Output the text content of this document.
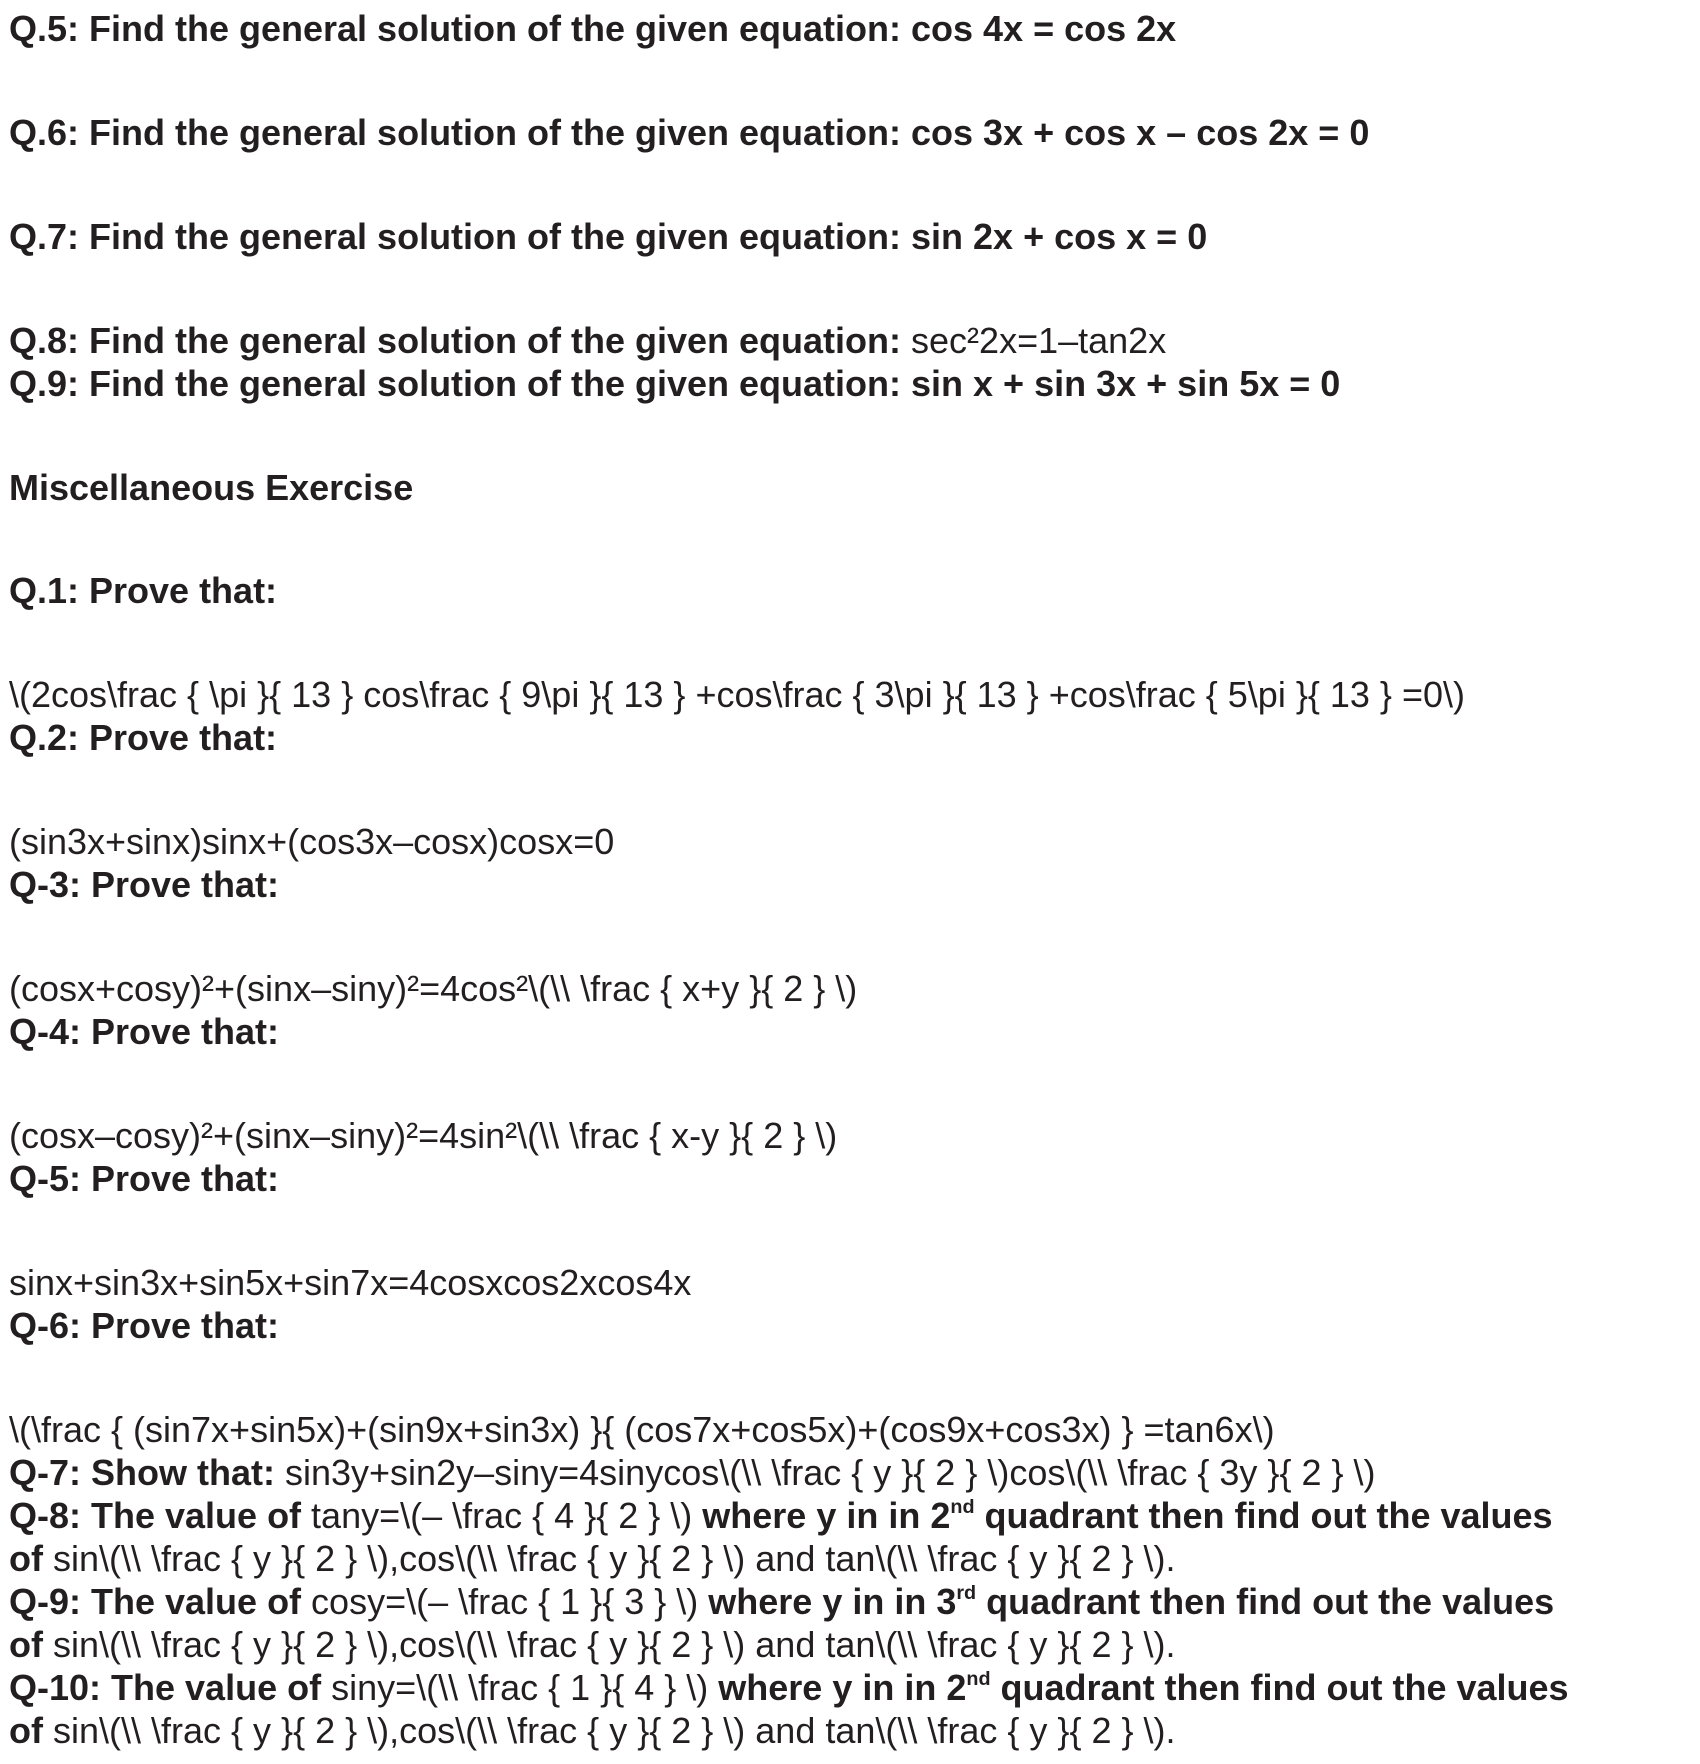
Q.5: Find the general solution of the given equation: cos 4x = cos 2x
Q.6: Find the general solution of the given equation: cos 3x + cos x – cos 2x = 0
Q.7: Find the general solution of the given equation: sin 2x + cos x = 0
Q.8: Find the general solution of the given equation: sec²2x=1–tan2x
Q.9: Find the general solution of the given equation: sin x + sin 3x + sin 5x = 0
Miscellaneous Exercise
Q.1: Prove that:
\(2cos\frac { \pi }{ 13 } cos\frac { 9\pi }{ 13 } +cos\frac { 3\pi }{ 13 } +cos\frac { 5\pi }{ 13 } =0\)
Q.2: Prove that:
(sin3x+sinx)sinx+(cos3x–cosx)cosx=0
Q-3: Prove that:
(cosx+cosy)²+(sinx–siny)²=4cos²\(\\ \frac { x+y }{ 2 } \)
Q-4: Prove that:
(cosx–cosy)²+(sinx–siny)²=4sin²\(\\ \frac { x-y }{ 2 } \)
Q-5: Prove that:
sinx+sin3x+sin5x+sin7x=4cosxcos2xcos4x
Q-6: Prove that:
\(\frac { (sin7x+sin5x)+(sin9x+sin3x) }{ (cos7x+cos5x)+(cos9x+cos3x) } =tan6x\)
Q-7: Show that: sin3y+sin2y–siny=4sinycos\(\\ \frac { y }{ 2 } \)cos\(\\ \frac { 3y }{ 2 } \)
Q-8: The value of tany=\(– \frac { 4 }{ 2 } \) where y in in 2nd quadrant then find out the values
of sin\(\\ \frac { y }{ 2 } \),cos\(\\ \frac { y }{ 2 } \) and tan\(\\ \frac { y }{ 2 } \).
Q-9: The value of cosy=\(– \frac { 1 }{ 3 } \) where y in in 3rd quadrant then find out the values
of sin\(\\ \frac { y }{ 2 } \),cos\(\\ \frac { y }{ 2 } \) and tan\(\\ \frac { y }{ 2 } \).
Q-10: The value of siny=\(\\ \frac { 1 }{ 4 } \) where y in in 2nd quadrant then find out the values
of sin\(\\ \frac { y }{ 2 } \),cos\(\\ \frac { y }{ 2 } \) and tan\(\\ \frac { y }{ 2 } \).
